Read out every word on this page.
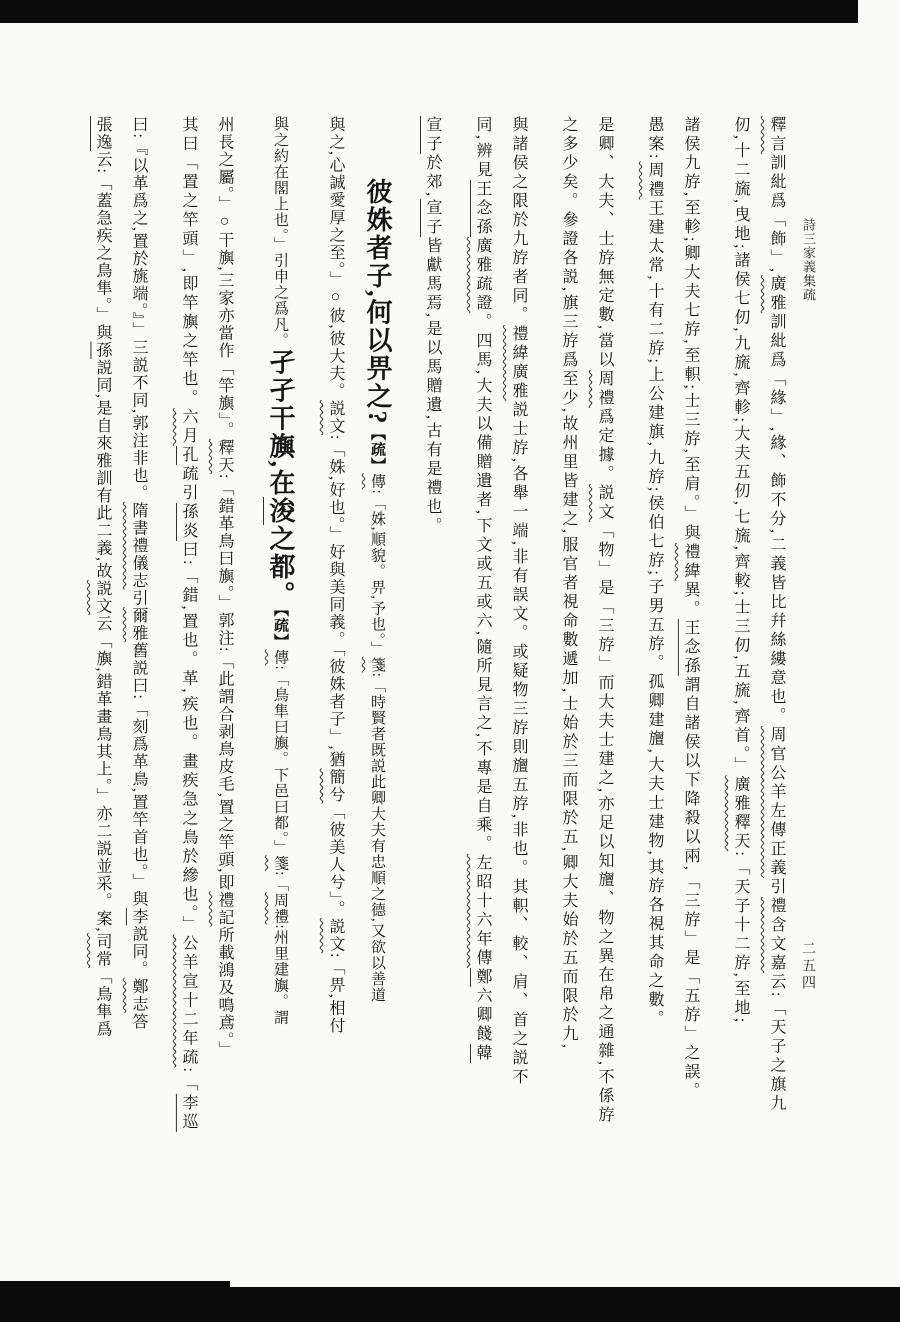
詩三家義集疏
二五四
釋言訓紕爲「飾」,廣雅訓紕爲「緣」,緣、飾不分,二義皆比幷絲縷意也。周官公羊左傳正義引禮含文嘉云:「天子之旗九
仞,十二旒,曳地;諸侯七仞,九旒,齊軫;大夫五仞,七旒,齊較;士三仞,五旒,齊首。」廣雅釋天:「天子十二斿,至地;
諸侯九斿,至軫;卿大夫七斿,至軹;士三斿,至肩。」與禮緯異。王念孫謂自諸侯以下降殺以兩,「三斿」是「五斿」之誤。
愚案:周禮王建太常,十有二斿;上公建旗,九斿;侯伯七斿;子男五斿。孤卿建旜,大夫士建物,其斿各視其命之數。
是卿、大夫、士斿無定數,當以周禮爲定據。説文「物」是「三斿」而大夫士建之,亦足以知旜、物之異在帛之通雜,不係斿
之多少矣。參證各説,旗三斿爲至少,故州里皆建之,服官者視命數遞加,士始於三而限於五,卿大夫始於五而限於九,
與諸侯之限於九斿者同。禮緯廣雅説士斿,各舉一端,非有誤文。或疑物三斿則旜五斿,非也。其軹、較、肩、首之説不
同,辨見王念孫廣雅疏證。四馬,大夫以備贈遺者,下文或五或六,隨所見言之,不專是自乘。左昭十六年傳鄭六卿餞韓
宣子於郊,宣子皆獻馬焉,是以馬贈遺,古有是禮也。
彼姝者子,何以畀之?【疏】傳:「姝,順貌。畀,予也。」箋:「時賢者既説此卿大夫有忠順之德,又欲以善道
與之,心誠愛厚之至。」○彼,彼大夫。説文:「姝,好也。」好與美同義。「彼姝者子」,猶簡兮「彼美人兮」。説文:「畀,相付
與之約在閣上也。」引申之爲凡。孑孑干旟,在浚之都。【疏】傳:「鳥隼曰旟。下邑曰都。」箋:「周禮:州里建旟。謂
州長之屬。」○干旟,三家亦當作「竿旟」。釋天:「錯革鳥曰旟。」郭注:「此謂合剥鳥皮毛,置之竿頭,即禮記所載鴻及鳴鳶。」
其曰「置之竿頭」,即竿旟之竿也。六月孔疏引孫炎曰:「錯,置也。革,疾也。畫疾急之鳥於縿也。」公羊宣十二年疏:「李巡
曰:『以革爲之,置於旐端。』」三説不同,郭注非也。隋書禮儀志引爾雅舊説曰:「刻爲革鳥,置竿首也。」與李説同。鄭志答
張逸云:「蓋急疾之鳥隼。」與孫説同,是自來雅訓有此二義,故説文云「旟,錯革畫鳥其上。」亦二説並采。案,司常「鳥隼爲
